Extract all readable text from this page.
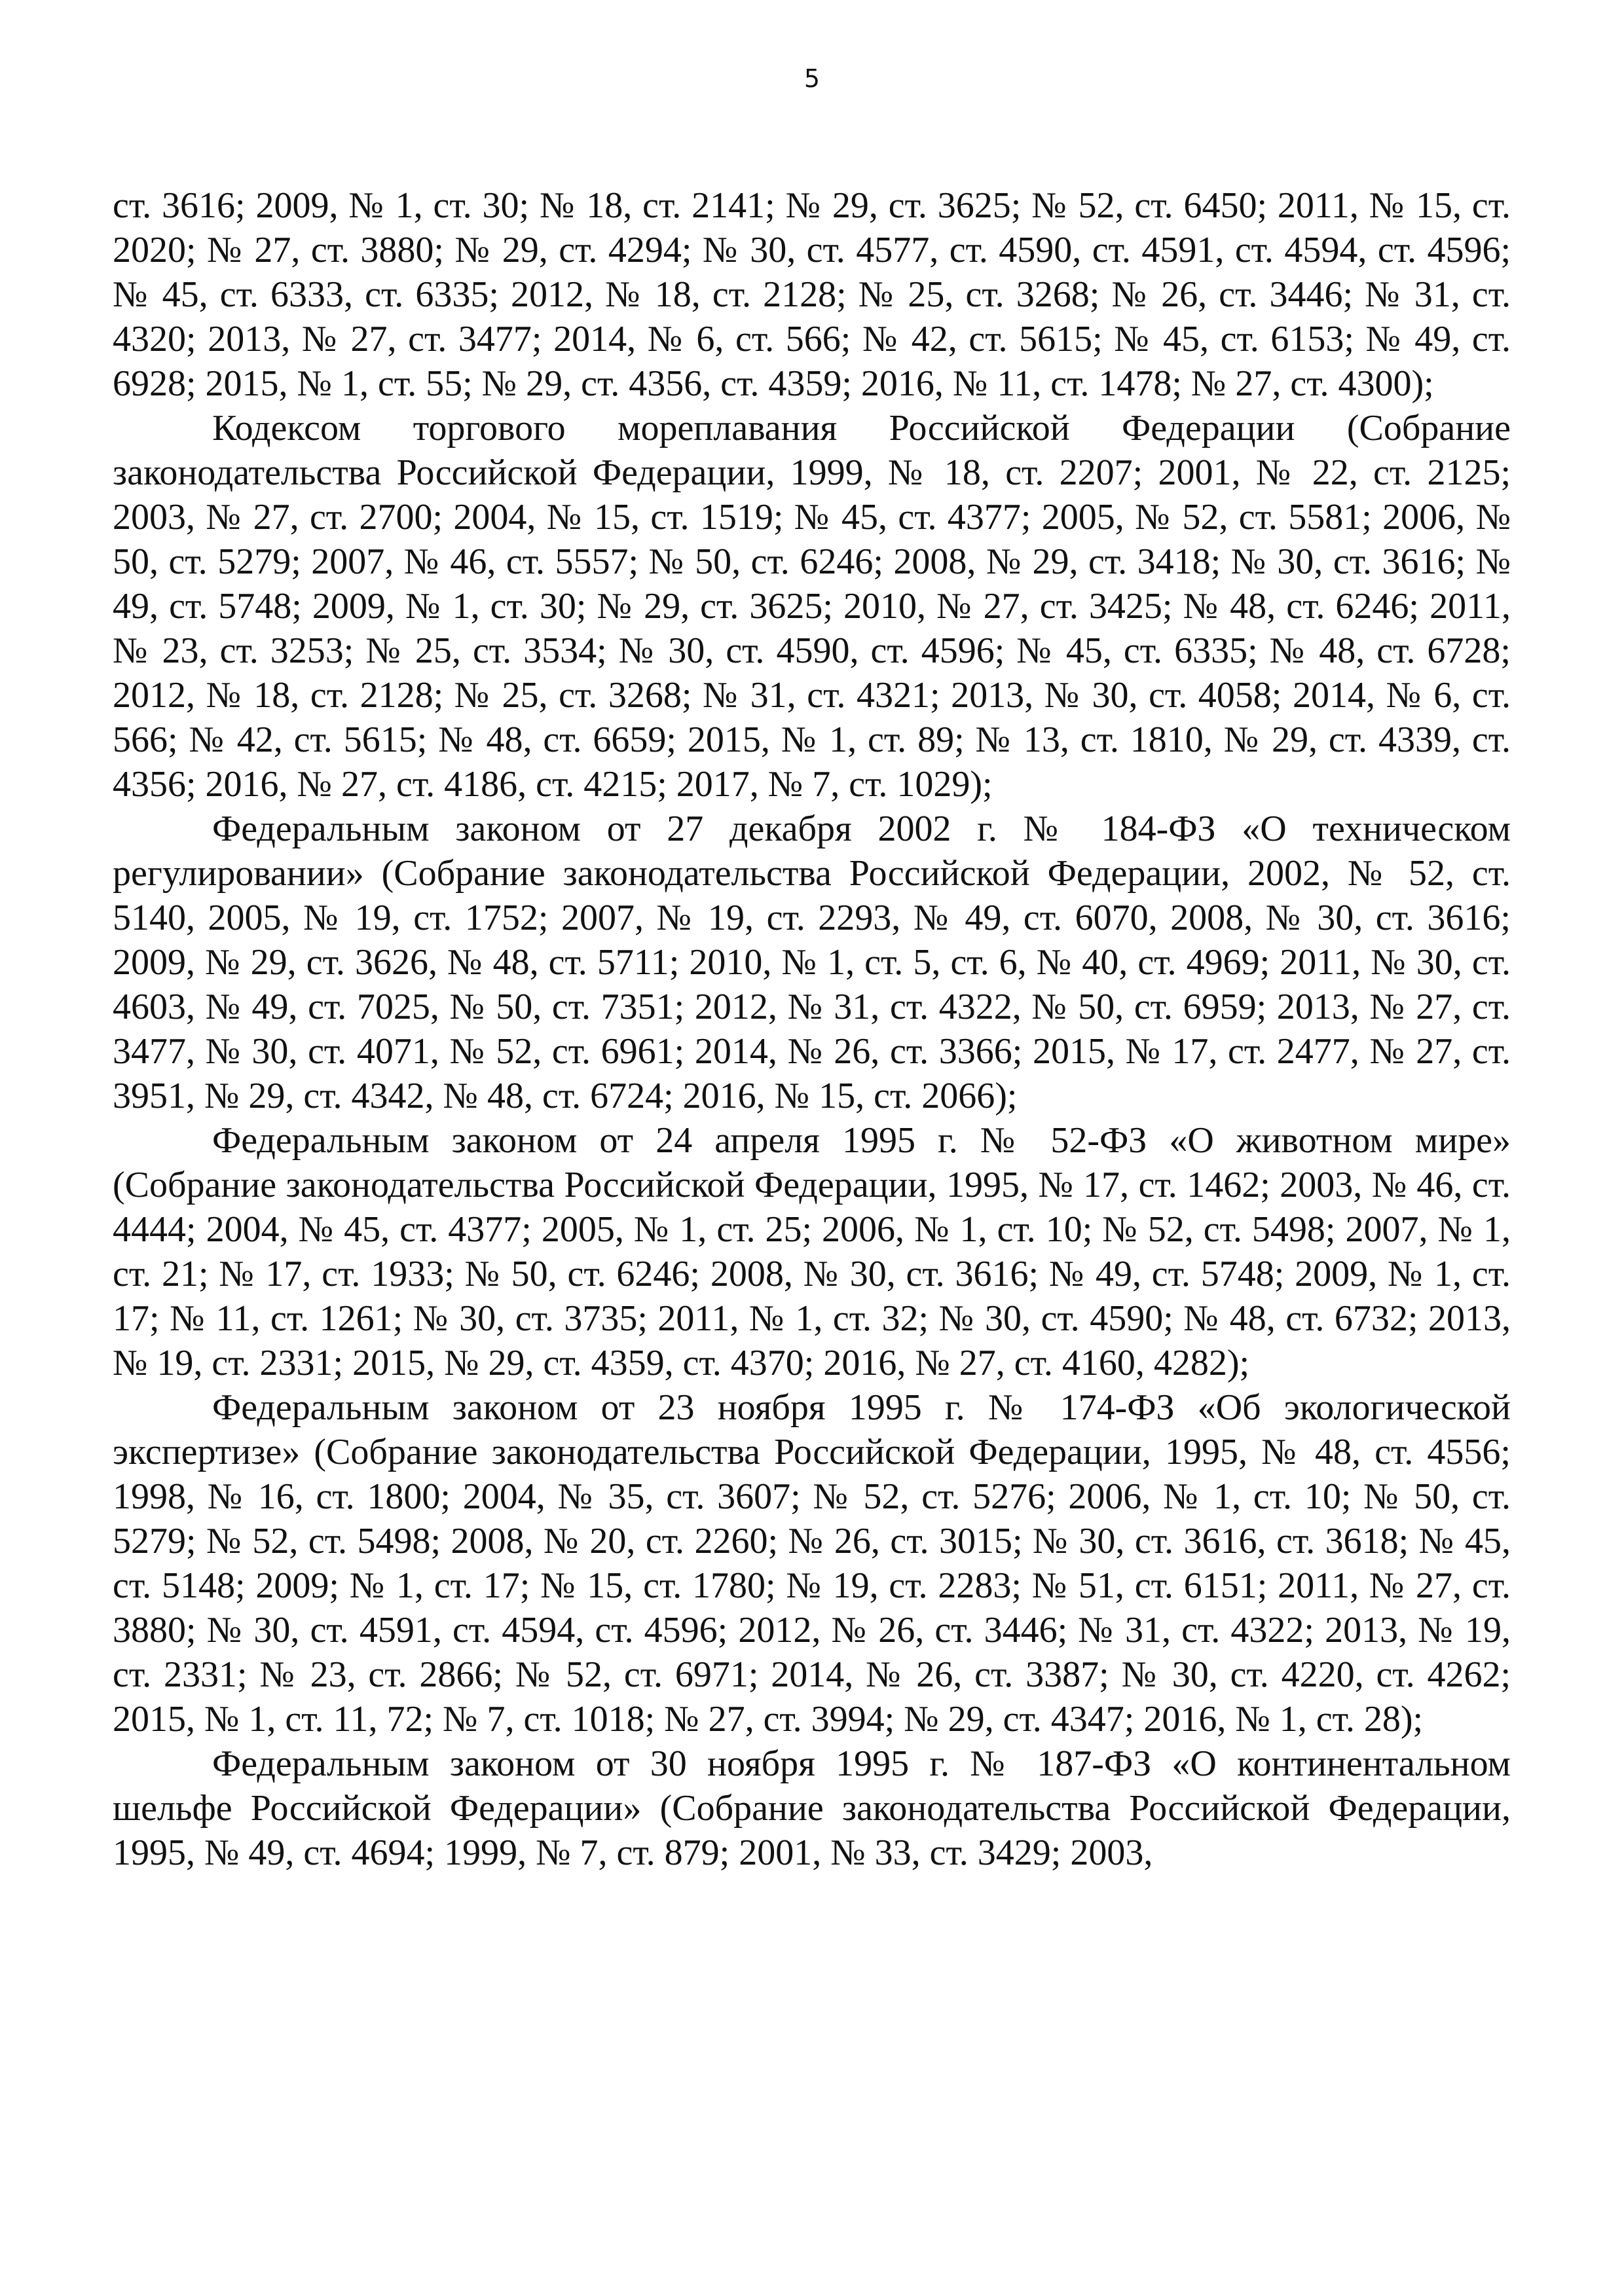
5

ст. 3616; 2009, № 1, ст. 30; № 18, ст. 2141; № 29, ст. 3625; № 52, ст. 6450; 2011, № 15, ст. 2020; № 27, ст. 3880; № 29, ст. 4294; № 30, ст. 4577, ст. 4590, ст. 4591, ст. 4594, ст. 4596; № 45, ст. 6333, ст. 6335; 2012, № 18, ст. 2128; № 25, ст. 3268; № 26, ст. 3446; № 31, ст. 4320; 2013, № 27, ст. 3477; 2014, № 6, ст. 566; № 42, ст. 5615; № 45, ст. 6153; № 49, ст. 6928; 2015, № 1, ст. 55; № 29, ст. 4356, ст. 4359; 2016, № 11, ст. 1478; № 27, ст. 4300);

Кодексом торгового мореплавания Российской Федерации (Собрание законодательства Российской Федерации, 1999, № 18, ст. 2207; 2001, № 22, ст. 2125; 2003, № 27, ст. 2700; 2004, № 15, ст. 1519; № 45, ст. 4377; 2005, № 52, ст. 5581; 2006, № 50, ст. 5279; 2007, № 46, ст. 5557; № 50, ст. 6246; 2008, № 29, ст. 3418; № 30, ст. 3616; № 49, ст. 5748; 2009, № 1, ст. 30; № 29, ст. 3625; 2010, № 27, ст. 3425; № 48, ст. 6246; 2011, № 23, ст. 3253; № 25, ст. 3534; № 30, ст. 4590, ст. 4596; № 45, ст. 6335; № 48, ст. 6728; 2012, № 18, ст. 2128; № 25, ст. 3268; № 31, ст. 4321; 2013, № 30, ст. 4058; 2014, № 6, ст. 566; № 42, ст. 5615; № 48, ст. 6659; 2015, № 1, ст. 89; № 13, ст. 1810, № 29, ст. 4339, ст. 4356; 2016, № 27, ст. 4186, ст. 4215; 2017, № 7, ст. 1029);

Федеральным законом от 27 декабря 2002 г. № 184-ФЗ «О техническом регулировании» (Собрание законодательства Российской Федерации, 2002, № 52, ст. 5140, 2005, № 19, ст. 1752; 2007, № 19, ст. 2293, № 49, ст. 6070, 2008, № 30, ст. 3616; 2009, № 29, ст. 3626, № 48, ст. 5711; 2010, № 1, ст. 5, ст. 6, № 40, ст. 4969; 2011, № 30, ст. 4603, № 49, ст. 7025, № 50, ст. 7351; 2012, № 31, ст. 4322, № 50, ст. 6959; 2013, № 27, ст. 3477, № 30, ст. 4071, № 52, ст. 6961; 2014, № 26, ст. 3366; 2015, № 17, ст. 2477, № 27, ст. 3951, № 29, ст. 4342, № 48, ст. 6724; 2016, № 15, ст. 2066);

Федеральным законом от 24 апреля 1995 г. № 52-ФЗ «О животном мире» (Собрание законодательства Российской Федерации, 1995, № 17, ст. 1462; 2003, № 46, ст. 4444; 2004, № 45, ст. 4377; 2005, № 1, ст. 25; 2006, № 1, ст. 10; № 52, ст. 5498; 2007, № 1, ст. 21; № 17, ст. 1933; № 50, ст. 6246; 2008, № 30, ст. 3616; № 49, ст. 5748; 2009, № 1, ст. 17; № 11, ст. 1261; № 30, ст. 3735; 2011, № 1, ст. 32; № 30, ст. 4590; № 48, ст. 6732; 2013, № 19, ст. 2331; 2015, № 29, ст. 4359, ст. 4370; 2016, № 27, ст. 4160, 4282);

Федеральным законом от 23 ноября 1995 г. № 174-ФЗ «Об экологической экспертизе» (Собрание законодательства Российской Федерации, 1995, № 48, ст. 4556; 1998, № 16, ст. 1800; 2004, № 35, ст. 3607; № 52, ст. 5276; 2006, № 1, ст. 10; № 50, ст. 5279; № 52, ст. 5498; 2008, № 20, ст. 2260; № 26, ст. 3015; № 30, ст. 3616, ст. 3618; № 45, ст. 5148; 2009; № 1, ст. 17; № 15, ст. 1780; № 19, ст. 2283; № 51, ст. 6151; 2011, № 27, ст. 3880; № 30, ст. 4591, ст. 4594, ст. 4596; 2012, № 26, ст. 3446; № 31, ст. 4322; 2013, № 19, ст. 2331; № 23, ст. 2866; № 52, ст. 6971; 2014, № 26, ст. 3387; № 30, ст. 4220, ст. 4262; 2015, № 1, ст. 11, 72; № 7, ст. 1018; № 27, ст. 3994; № 29, ст. 4347; 2016, № 1, ст. 28);

Федеральным законом от 30 ноября 1995 г. № 187-ФЗ «О континентальном шельфе Российской Федерации» (Собрание законодательства Российской Федерации, 1995, № 49, ст. 4694; 1999, № 7, ст. 879; 2001, № 33, ст. 3429; 2003,
